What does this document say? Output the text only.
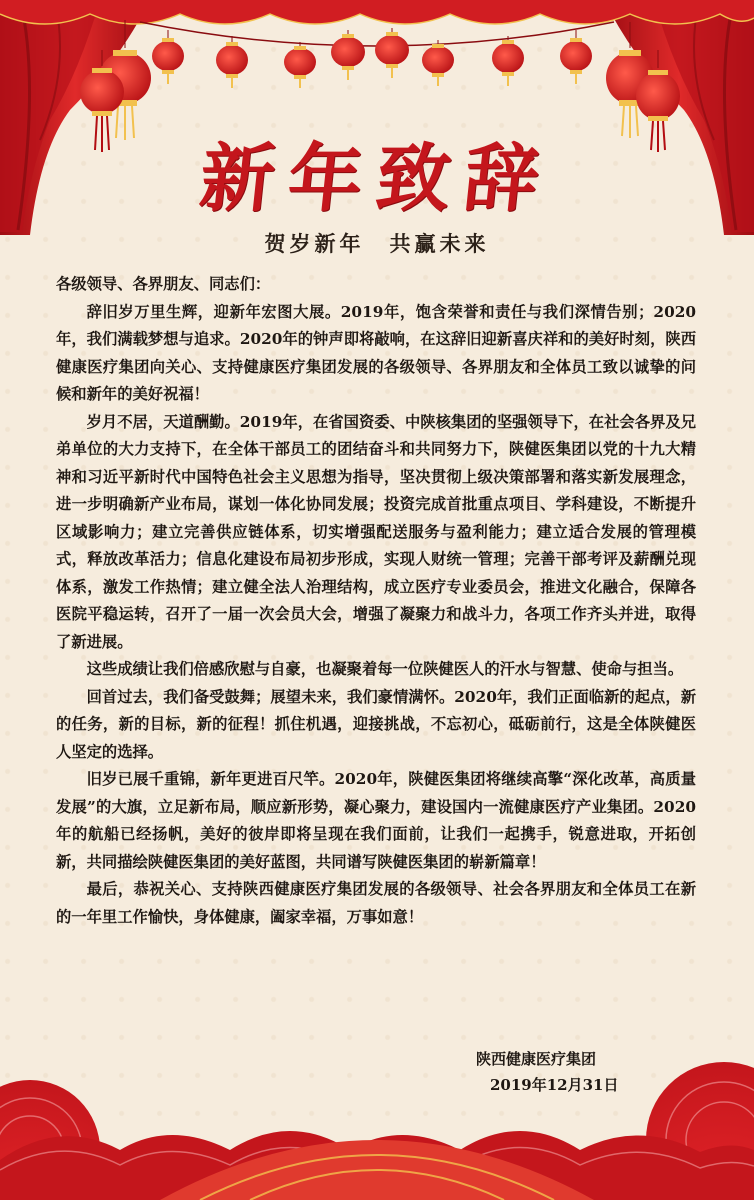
新年致辞
贺岁新年　共赢未来

各级领导、各界朋友、同志们：

辞旧岁万里生辉，迎新年宏图大展。2019年，饱含荣誉和责任与我们深情告别；2020年，我们满载梦想与追求。2020年的钟声即将敲响，在这辞旧迎新喜庆祥和的美好时刻，陕西健康医疗集团向关心、支持健康医疗集团发展的各级领导、各界朋友和全体员工致以诚挚的问候和新年的美好祝福！

岁月不居，天道酬勤。2019年，在省国资委、中陕核集团的坚强领导下，在社会各界及兄弟单位的大力支持下，在全体干部员工的团结奋斗和共同努力下，陕健医集团以党的十九大精神和习近平新时代中国特色社会主义思想为指导，坚决贯彻上级决策部署和落实新发展理念，进一步明确新产业布局，谋划一体化协同发展；投资完成首批重点项目、学科建设，不断提升区域影响力；建立完善供应链体系，切实增强配送服务与盈利能力；建立适合发展的管理模式，释放改革活力；信息化建设布局初步形成，实现人财统一管理；完善干部考评及薪酬兑现体系，激发工作热情；建立健全法人治理结构，成立医疗专业委员会，推进文化融合，保障各医院平稳运转，召开了一届一次会员大会，增强了凝聚力和战斗力，各项工作齐头并进，取得了新进展。

这些成绩让我们倍感欣慰与自豪，也凝聚着每一位陕健医人的汗水与智慧、使命与担当。

回首过去，我们备受鼓舞；展望未来，我们豪情满怀。2020年，我们正面临新的起点，新的任务，新的目标，新的征程！抓住机遇，迎接挑战，不忘初心，砥砺前行，这是全体陕健医人坚定的选择。

旧岁已展千重锦，新年更进百尺竿。2020年，陕健医集团将继续高擎“深化改革，高质量发展”的大旗，立足新布局，顺应新形势，凝心聚力，建设国内一流健康医疗产业集团。2020年的航船已经扬帆，美好的彼岸即将呈现在我们面前，让我们一起携手，锐意进取，开拓创新，共同描绘陕健医集团的美好蓝图，共同谱写陕健医集团的崭新篇章！

最后，恭祝关心、支持陕西健康医疗集团发展的各级领导、社会各界朋友和全体员工在新的一年里工作愉快，身体健康，阖家幸福，万事如意！

陕西健康医疗集团
2019年12月31日
